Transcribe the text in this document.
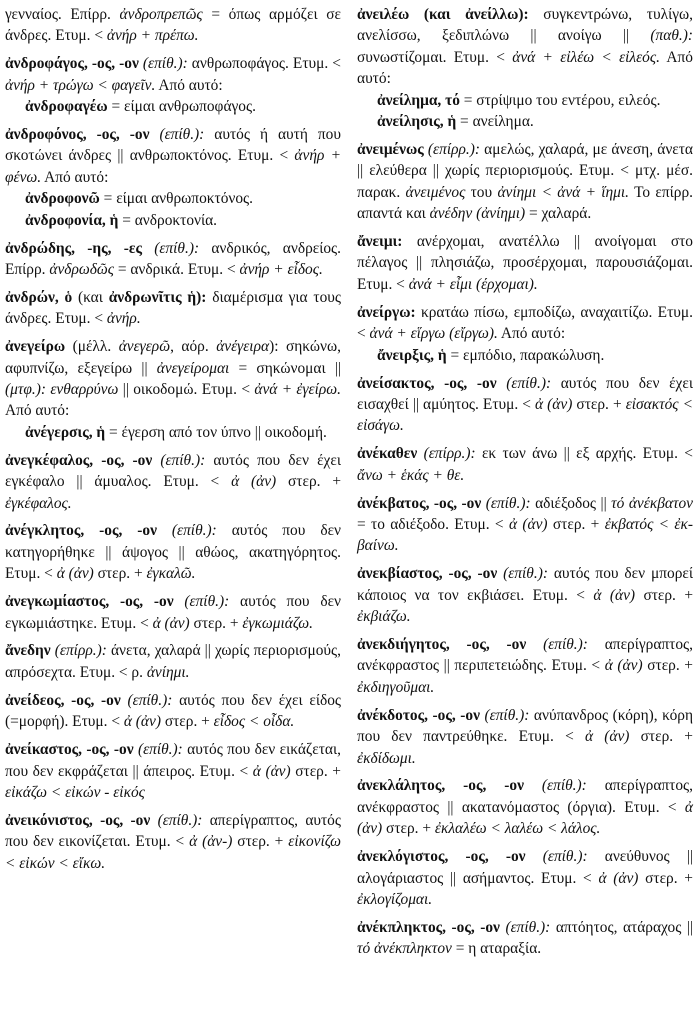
γενναίος. Επίρρ. ἀνδροπρεπῶς = όπως αρμόζει σε άνδρες. Ετυμ. < ἀνήρ + πρέπω.
ἀνδροφάγος, -ος, -ον (επίθ.): ανθρωποφάγος. Ετυμ. < ἀνήρ + τρώγω < φαγεῖν. Από αυτό:
ἀνδροφαγέω = είμαι ανθρωποφάγος.
ἀνδροφόνος, -ος, -ον (επίθ.): αυτός ή αυτή που σκοτώνει άνδρες || ανθρωποκτόνος. Ετυμ. < ἀνήρ + φένω. Από αυτό:
ἀνδροφονῶ = είμαι ανθρωποκτόνος.
ἀνδροφονία, ἡ = ανδροκτονία.
ἀνδρώδης, -ης, -ες (επίθ.): ανδρικός, ανδρείος. Επίρρ. ἀνδρωδῶς = ανδρικά. Ετυμ. < ἀνήρ + εἶδος.
ἀνδρών, ὁ (και ἀνδρωνῖτις ἡ): διαμέρισμα για τους άνδρες. Ετυμ. < ἀνήρ.
ἀνεγείρω (μέλλ. ἀνεγερῶ, αόρ. ἀνέγειρα): σηκώνω, αφυπνίζω, εξεγείρω || ἀνεγείρομαι = σηκώνομαι || (μτφ.): ενθαρρύνω || οικοδομώ. Ετυμ. < ἀνά + ἐγείρω. Από αυτό:
ἀνέγερσις, ἡ = έγερση από τον ύπνο || οικοδομή.
ἀνεγκέφαλος, -ος, -ον (επίθ.): αυτός που δεν έχει εγκέφαλο || άμυαλος. Ετυμ. < ἀ (ἀν) στερ. + ἐγκέφαλος.
ἀνέγκλητος, -ος, -ον (επίθ.): αυτός που δεν κατηγορήθηκε || άψογος || αθώος, ακατηγόρητος. Ετυμ. < ἀ (ἀν) στερ. + ἐγκαλῶ.
ἀνεγκωμίαστος, -ος, -ον (επίθ.): αυτός που δεν εγκωμιάστηκε. Ετυμ. < ἀ (ἀν) στερ. + ἐγκωμιάζω.
ἄνεδην (επίρρ.): άνετα, χαλαρά || χωρίς περιορισμούς, απρόσεχτα. Ετυμ. < ρ. ἀνίημι.
ἀνείδεος, -ος, -ον (επίθ.): αυτός που δεν έχει είδος (=μορφή). Ετυμ. < ἀ (ἀν) στερ. + εἶδος < οἶδα.
ἀνείκαστος, -ος, -ον (επίθ.): αυτός που δεν εικάζεται, που δεν εκφράζεται || άπειρος. Ετυμ. < ἀ (ἀν) στερ. + εἰκάζω < εἰκών - εἰκός
ἀνεικόνιστος, -ος, -ον (επίθ.): απερίγραπτος, αυτός που δεν εικονίζεται. Ετυμ. < ἀ (ἀν-) στερ. + εἰκονίζω < εἰκών < εἴκω.
ἀνειλέω (και ἀνείλλω): συγκεντρώνω, τυλίγω, ανελίσσω, ξεδιπλώνω || ανοίγω || (παθ.): συνωστίζομαι. Ετυμ. < ἀνά + εἰλέω < εἰλεός. Από αυτό:
ἀνείλημα, τό = στρίψιμο του εντέρου, ειλεός.
ἀνείλησις, ἡ = ανείλημα.
ἀνειμένως (επίρρ.): αμελώς, χαλαρά, με άνεση, άνετα || ελεύθερα || χωρίς περιορισμούς. Ετυμ. < μτχ. μέσ. παρακ. ἀνειμένος του ἀνίημι < ἀνά + ἵημι. Το επίρρ. απαντά και ἀνέδην (ἀνίημι) = χαλαρά.
ἄνειμι: ανέρχομαι, ανατέλλω || ανοίγομαι στο πέλαγος || πλησιάζω, προσέρχομαι, παρουσιάζομαι. Ετυμ. < ἀνά + εἶμι (έρχομαι).
ἀνείργω: κρατάω πίσω, εμποδίζω, αναχαιτίζω. Ετυμ. < ἀνά + εἵργω (εἴργω). Από αυτό:
ἄνειρξις, ἡ = εμπόδιο, παρακώλυση.
ἀνείσακτος, -ος, -ον (επίθ.): αυτός που δεν έχει εισαχθεί || αμύητος. Ετυμ. < ἀ (ἀν) στερ. + εἰσακτός < εἰσάγω.
ἀνέκαθεν (επίρρ.): εκ των άνω || εξ αρχής. Ετυμ. < ἄνω + ἑκάς + θε.
ἀνέκβατος, -ος, -ον (επίθ.): αδιέξοδος || τό ἀνέκβατον = το αδιέξοδο. Ετυμ. < ἀ (ἀν) στερ. + ἐκβατός < ἐκ-βαίνω.
ἀνεκβίαστος, -ος, -ον (επίθ.): αυτός που δεν μπορεί κάποιος να τον εκβιάσει. Ετυμ. < ἀ (ἀν) στερ. + ἐκβιάζω.
ἀνεκδιήγητος, -ος, -ον (επίθ.): απερίγραπτος, ανέκφραστος || περιπετειώδης. Ετυμ. < ἀ (ἀν) στερ. + ἐκδιηγοῦμαι.
ἀνέκδοτος, -ος, -ον (επίθ.): ανύπανδρος (κόρη), κόρη που δεν παντρεύθηκε. Ετυμ. < ἀ (ἀν) στερ. + ἐκδίδωμι.
ἀνεκλάλητος, -ος, -ον (επίθ.): απερίγραπτος, ανέκφραστος || ακατανόμαστος (όργια). Ετυμ. < ἀ (ἀν) στερ. + ἐκλαλέω < λαλέω < λάλος.
ἀνεκλόγιστος, -ος, -ον (επίθ.): ανεύθυνος || αλογάριαστος || ασήμαντος. Ετυμ. < ἀ (ἀν) στερ. + ἐκλογίζομαι.
ἀνέκπληκτος, -ος, -ον (επίθ.): απτόητος, ατάραχος || τό ἀνέκπληκτον = η αταραξία.
